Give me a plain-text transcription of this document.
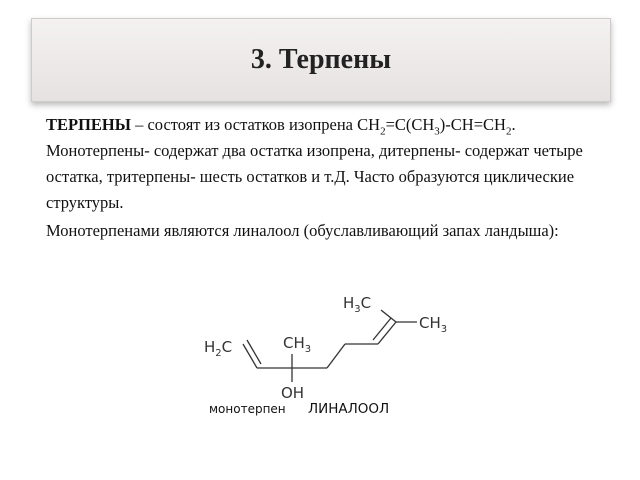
3. Терпены

ТЕРПЕНЫ – состоят из остатков изопрена $CH_2=C(CH_3)-CH=CH_2$. Монотерпены- содержат два остатка изопрена, дитерпены- содержат четыре остатка, тритерпены- шесть остатков и т.Д. Часто образуются циклические структуры.

Монотерпенами являются линалоол (обуславливающий запах ландыша):

$H_3C$
$CH_3$
$H_2C$	$CH_3$
OH
монотерпен ЛИНАЛООЛ
